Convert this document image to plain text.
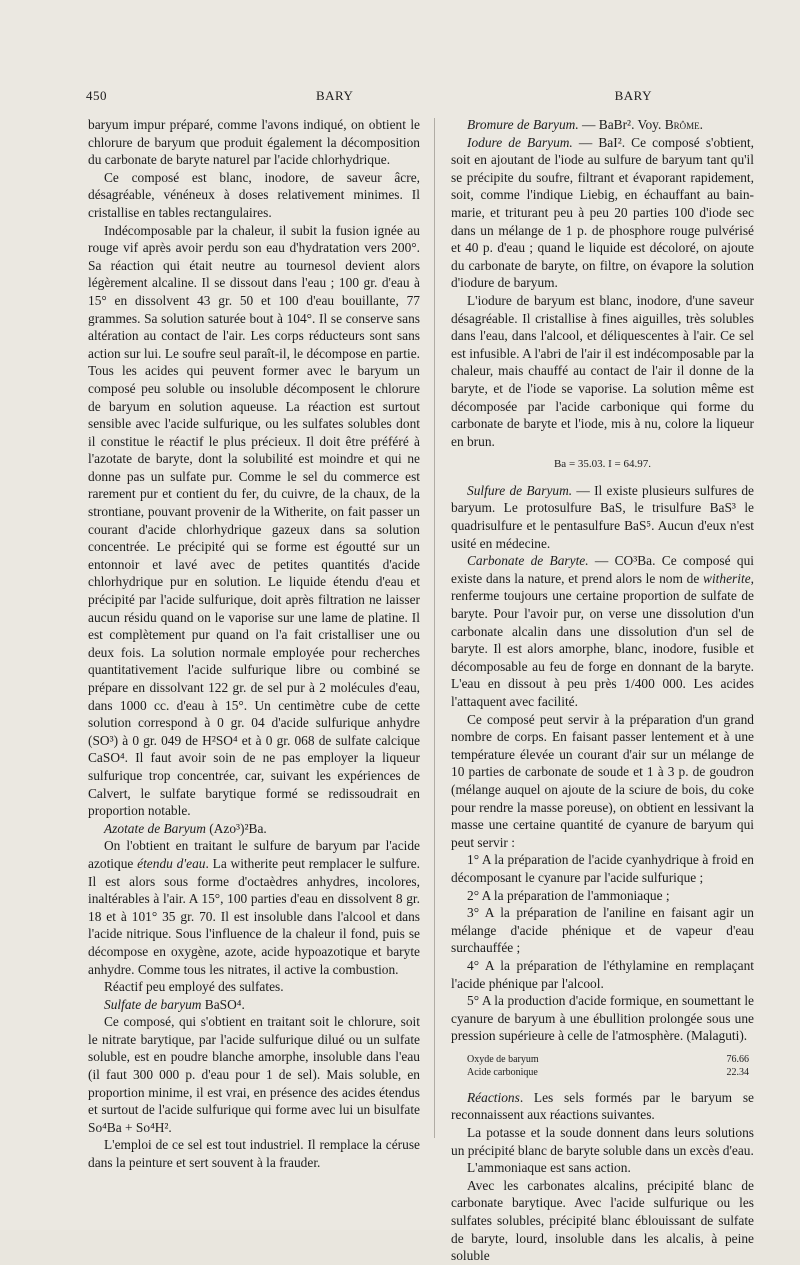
450	BARY	BARY

baryum impur préparé, comme l'avons indiqué, on obtient le chlorure de baryum que produit également la décomposition du carbonate de baryte naturel par l'acide chlorhydrique.

Ce composé est blanc, inodore, de saveur âcre, désagréable, vénéneux à doses relativement minimes. Il cristallise en tables rectangulaires.

Indécomposable par la chaleur, il subit la fusion ignée au rouge vif après avoir perdu son eau d'hydratation vers 200°. Sa réaction qui était neutre au tournesol devient alors légèrement alcaline. Il se dissout dans l'eau ; 100 gr. d'eau à 15° en dissolvent 43 gr. 50 et 100 d'eau bouillante, 77 grammes. Sa solution saturée bout à 104°. Il se conserve sans altération au contact de l'air. Les corps réducteurs sont sans action sur lui. Le soufre seul paraît-il, le décompose en partie. Tous les acides qui peuvent former avec le baryum un composé peu soluble ou insoluble décomposent le chlorure de baryum en solution aqueuse. La réaction est surtout sensible avec l'acide sulfurique, ou les sulfates solubles dont il constitue le réactif le plus précieux. Il doit être préféré à l'azotate de baryte, dont la solubilité est moindre et qui ne donne pas un sulfate pur. Comme le sel du commerce est rarement pur et contient du fer, du cuivre, de la chaux, de la strontiane, pouvant provenir de la Witherite, on fait passer un courant d'acide chlorhydrique gazeux dans sa solution concentrée. Le précipité qui se forme est égoutté sur un entonnoir et lavé avec de petites quantités d'acide chlorhydrique pur en solution. Le liquide étendu d'eau et précipité par l'acide sulfurique, doit après filtration ne laisser aucun résidu quand on le vaporise sur une lame de platine. Il est complètement pur quand on l'a fait cristalliser une ou deux fois. La solution normale employée pour recherches quantitativement l'acide sulfurique libre ou combiné se prépare en dissolvant 122 gr. de sel pur à 2 molécules d'eau, dans 1000 cc. d'eau à 15°. Un centimètre cube de cette solution correspond à 0 gr. 04 d'acide sulfurique anhydre (SO³) à 0 gr. 049 de H²SO⁴ et à 0 gr. 068 de sulfate calcique CaSO⁴. Il faut avoir soin de ne pas employer la liqueur sulfurique trop concentrée, car, suivant les expériences de Calvert, le sulfate barytique formé se redissoudrait en proportion notable.

Azotate de Baryum (Azo³)²Ba.

On l'obtient en traitant le sulfure de baryum par l'acide azotique étendu d'eau. La witherite peut remplacer le sulfure. Il est alors sous forme d'octaèdres anhydres, incolores, inaltérables à l'air. A 15°, 100 parties d'eau en dissolvent 8 gr. 18 et à 101° 35 gr. 70. Il est insoluble dans l'alcool et dans l'acide nitrique. Sous l'influence de la chaleur il fond, puis se décompose en oxygène, azote, acide hypoazotique et baryte anhydre. Comme tous les nitrates, il active la combustion.

Réactif peu employé des sulfates.

Sulfate de baryum BaSO⁴.

Ce composé, qui s'obtient en traitant soit le chlorure, soit le nitrate barytique, par l'acide sulfurique dilué ou un sulfate soluble, est en poudre blanche amorphe, insoluble dans l'eau (il faut 300 000 p. d'eau pour 1 de sel). Mais soluble, en proportion minime, il est vrai, en présence des acides étendus et surtout de l'acide sulfurique qui forme avec lui un bisulfate So⁴Ba + So⁴H².

L'emploi de ce sel est tout industriel. Il remplace la céruse dans la peinture et sert souvent à la frauder.

Bromure de Baryum. — BaBr². Voy. Brôme.

Iodure de Baryum. — BaI². Ce composé s'obtient, soit en ajoutant de l'iode au sulfure de baryum tant qu'il se précipite du soufre, filtrant et évaporant rapidement, soit, comme l'indique Liebig, en échauffant au bain-marie, et triturant peu à peu 20 parties 100 d'iode sec dans un mélange de 1 p. de phosphore rouge pulvérisé et 40 p. d'eau ; quand le liquide est décoloré, on ajoute du carbonate de baryte, on filtre, on évapore la solution d'iodure de baryum.

L'iodure de baryum est blanc, inodore, d'une saveur désagréable. Il cristallise à fines aiguilles, très solubles dans l'eau, dans l'alcool, et déliquescentes à l'air. Ce sel est infusible. A l'abri de l'air il est indécomposable par la chaleur, mais chauffé au contact de l'air il donne de la baryte, et de l'iode se vaporise. La solution même est décomposée par l'acide carbonique qui forme du carbonate de baryte et l'iode, mis à nu, colore la liqueur en brun.

Ba = 35.03. I = 64.97.

Sulfure de Baryum. — Il existe plusieurs sulfures de baryum. Le protosulfure BaS, le trisulfure BaS³ le quadrisulfure et le pentasulfure BaS⁵. Aucun d'eux n'est usité en médecine.

Carbonate de Baryte. — CO³Ba. Ce composé qui existe dans la nature, et prend alors le nom de witherite, renferme toujours une certaine proportion de sulfate de baryte. Pour l'avoir pur, on verse une dissolution d'un carbonate alcalin dans une dissolution d'un sel de baryte. Il est alors amorphe, blanc, inodore, fusible et décomposable au feu de forge en donnant de la baryte. L'eau en dissout à peu près 1/400 000. Les acides l'attaquent avec facilité.

Ce composé peut servir à la préparation d'un grand nombre de corps. En faisant passer lentement et à une température élevée un courant d'air sur un mélange de 10 parties de carbonate de soude et 1 à 3 p. de goudron (mélange auquel on ajoute de la sciure de bois, du coke pour rendre la masse poreuse), on obtient en lessivant la masse une certaine quantité de cyanure de baryum qui peut servir :

1° A la préparation de l'acide cyanhydrique à froid en décomposant le cyanure par l'acide sulfurique ;

2° A la préparation de l'ammoniaque ;

3° A la préparation de l'aniline en faisant agir un mélange d'acide phénique et de vapeur d'eau surchauffée ;

4° A la préparation de l'éthylamine en remplaçant l'acide phénique par l'alcool.

5° A la production d'acide formique, en soumettant le cyanure de baryum à une ébullition prolongée sous une pression supérieure à celle de l'atmosphère. (Malaguti).

Oxyde de baryum	76.66
Acide carbonique	22.34

Réactions. Les sels formés par le baryum se reconnaissent aux réactions suivantes.

La potasse et la soude donnent dans leurs solutions un précipité blanc de baryte soluble dans un excès d'eau.

L'ammoniaque est sans action.

Avec les carbonates alcalins, précipité blanc de carbonate barytique. Avec l'acide sulfurique ou les sulfates solubles, précipité blanc éblouissant de sulfate de baryte, lourd, insoluble dans les alcalis, à peine soluble
